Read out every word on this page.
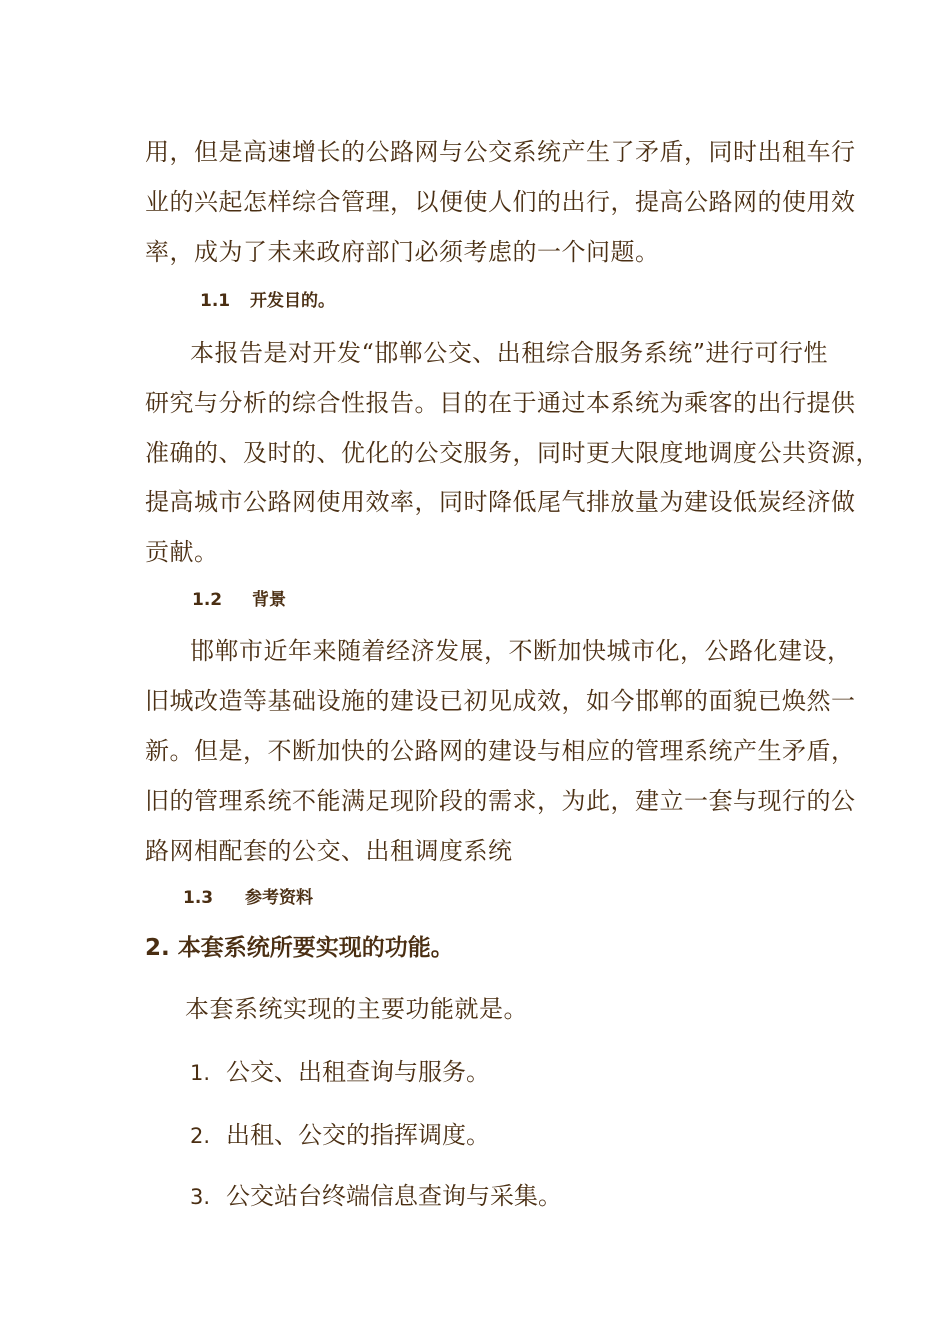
用，但是高速增长的公路网与公交系统产生了矛盾，同时出租车行
业的兴起怎样综合管理，以便使人们的出行，提高公路网的使用效
率，成为了未来政府部门必须考虑的一个问题。
1.1 开发目的。
本报告是对开发“邯郸公交、出租综合服务系统”进行可行性
研究与分析的综合性报告。目的在于通过本系统为乘客的出行提供
准确的、及时的、优化的公交服务，同时更大限度地调度公共资源，
提高城市公路网使用效率，同时降低尾气排放量为建设低炭经济做
贡献。
1.2 背景
邯郸市近年来随着经济发展，不断加快城市化，公路化建设，
旧城改造等基础设施的建设已初见成效，如今邯郸的面貌已焕然一
新。但是，不断加快的公路网的建设与相应的管理系统产生矛盾，
旧的管理系统不能满足现阶段的需求，为此，建立一套与现行的公
路网相配套的公交、出租调度系统
1.3 参考资料
2. 本套系统所要实现的功能。
本套系统实现的主要功能就是。
1. 公交、出租查询与服务。
2. 出租、公交的指挥调度。
3. 公交站台终端信息查询与采集。
